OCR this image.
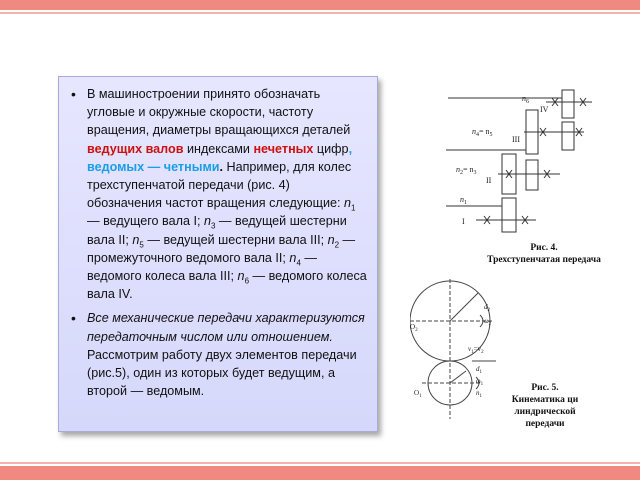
• В машиностроении принято обозначать угловые и окружные скорости, частоту вращения, диаметры вращающихся деталей ведущих валов индексами нечетных цифр, ведомых — четными. Например, для колес трехступенчатой передачи (рис. 4) обозначения частот вращения следующие: $n_1$ — ведущего вала I; $n_3$ — ведущей шестерни вала II; $n_5$ — ведущей шестерни вала III; $n_2$ — промежуточного ведомого вала II; $n_4$ — ведомого колеса вала III; $n_6$ — ведомого колеса вала IV.
• Все механические передачи характеризуются передаточным числом или отношением. Рассмотрим работу двух элементов передачи (рис.5), один из которых будет ведущим, а второй — ведомым.
$n_6$
IV
$n_4= n_5$ III
$n_2= n_3$
II
$n_1$
I
Рис. 4.
Трехступенчатая передача
$O_2$
$d_2$
$\omega_2$
$v_1=v_2$
$d_1$
$\omega_1$
$n_1$
$O_1$
Рис. 5.
Кинематика ци
линдрической
передачи
